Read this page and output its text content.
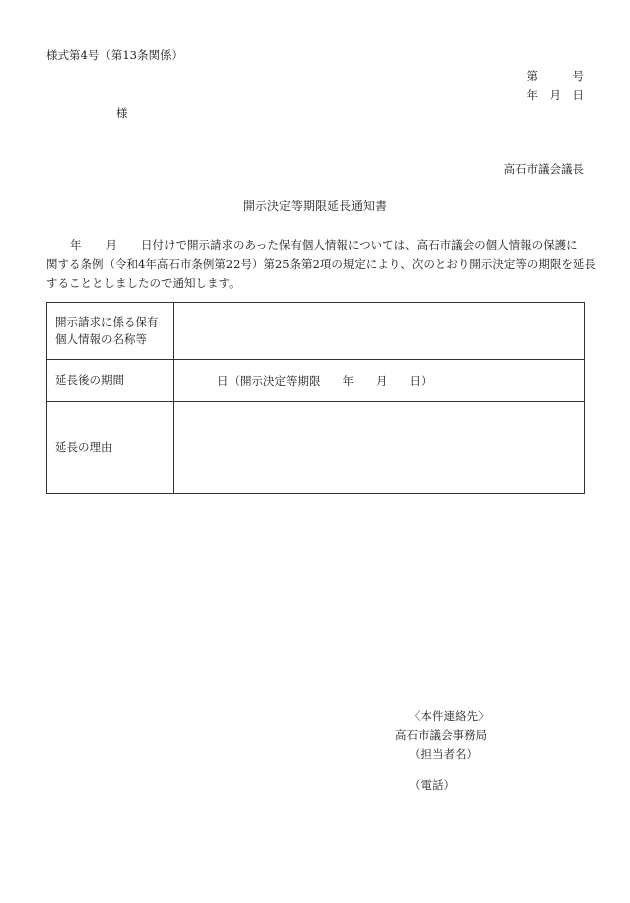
様式第4号（第13条関係）
第　　　号
年　月　日
様
高石市議会議長
開示決定等期限延長通知書
年 月 日付けで開示請求のあった保有個人情報については、高石市議会の個人情報の保護に
関する条例（令和4年高石市条例第22号）第25条第2項の規定により、次のとおり開示決定等の期限を延長
することとしましたので通知します。
開示請求に係る保有
個人情報の名称等	
延長後の期間	日（開示決定等期限 年 月 日）
延長の理由	
〈本件連絡先〉
高石市議会事務局
（担当者名）
（電話）
